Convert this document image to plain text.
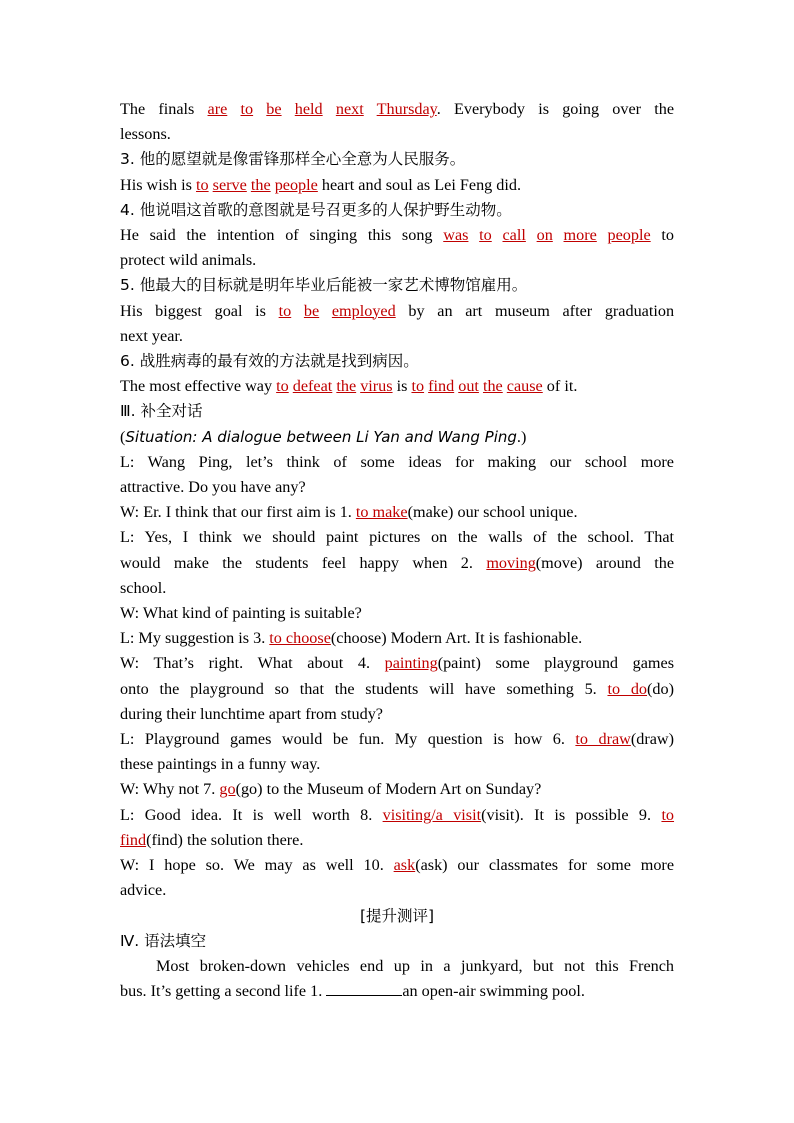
The finals are to be held next Thursday. Everybody is going over the
lessons.
3. 他的愿望就是像雷锋那样全心全意为人民服务。
His wish is to serve the people heart and soul as Lei Feng did.
4. 他说唱这首歌的意图就是号召更多的人保护野生动物。
He said the intention of singing this song was to call on more people to
protect wild animals.
5. 他最大的目标就是明年毕业后能被一家艺术博物馆雇用。
His biggest goal is to be employed by an art museum after graduation
next year.
6. 战胜病毒的最有效的方法就是找到病因。
The most effective way to defeat the virus is to find out the cause of it.
Ⅲ. 补全对话
(Situation: A dialogue between Li Yan and Wang Ping.)
L: Wang Ping, let’s think of some ideas for making our school more
attractive. Do you have any?
W: Er. I think that our first aim is 1. to make(make) our school unique.
L: Yes, I think we should paint pictures on the walls of the school. That
would make the students feel happy when 2. moving(move) around the
school.
W: What kind of painting is suitable?
L: My suggestion is 3. to choose(choose) Modern Art. It is fashionable.
W: That’s right. What about 4. painting(paint) some playground games
onto the playground so that the students will have something 5. to do(do)
during their lunchtime apart from study?
L: Playground games would be fun. My question is how 6. to draw(draw)
these paintings in a funny way.
W: Why not 7. go(go) to the Museum of Modern Art on Sunday?
L: Good idea. It is well worth 8. visiting/a visit(visit). It is possible 9. to
find(find) the solution there.
W: I hope so. We may as well 10. ask(ask) our classmates for some more
advice.
[提升测评]
Ⅳ. 语法填空
Most broken-down vehicles end up in a junkyard, but not this French
bus. It’s getting a second life 1.	an open-air swimming pool.
